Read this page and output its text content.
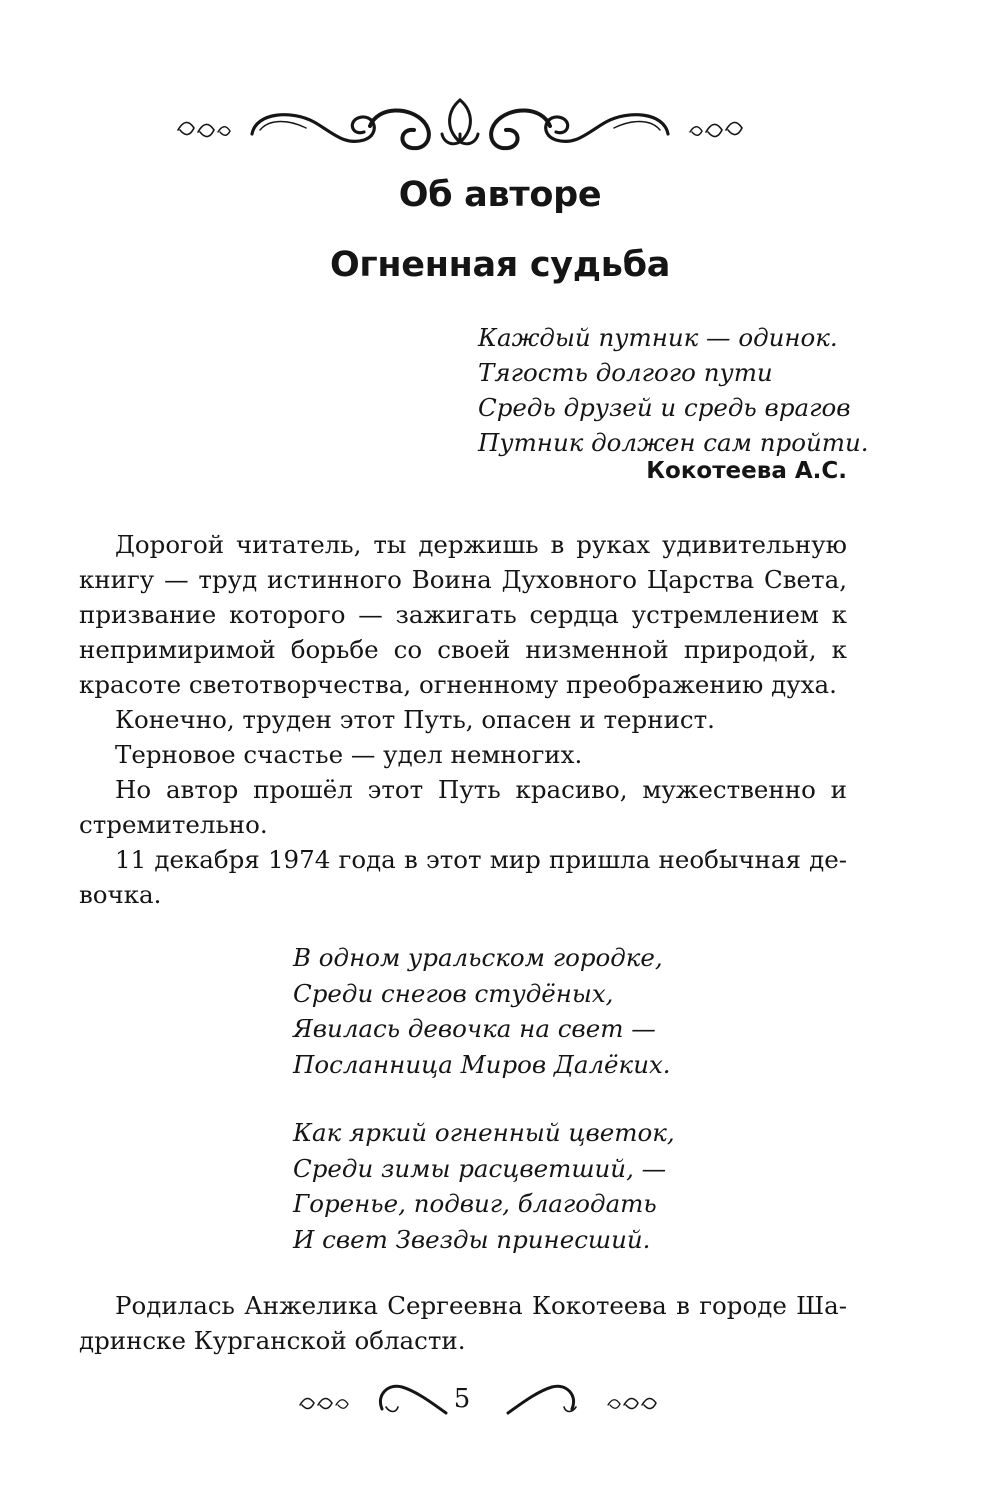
Об авторе
Огненная судьба
Каждый путник — одинок.
Тягость долгого пути
Средь друзей и средь врагов
Путник должен сам пройти.
Кокотеева А.С.

Дорогой читатель, ты держишь в руках удивительную книгу — труд истинного Воина Духовного Царства Света, призвание которого — зажигать сердца устремлением к непримиримой борьбе со своей низменной природой, к красоте светотворчества, огненному преображению духа.

Конечно, труден этот Путь, опасен и тернист.

Терновое счастье — удел немногих.

Но автор прошёл этот Путь красиво, мужественно и стремительно.

11 декабря 1974 года в этот мир пришла необычная девочка.

В одном уральском городке,
Среди снегов студёных,
Явилась девочка на свет —
Посланница Миров Далёких.
Как яркий огненный цветок,
Среди зимы расцветший, —
Горенье, подвиг, благодать
И свет Звезды принесший.

Родилась Анжелика Сергеевна Кокотеева в городе Шадринске Курганской области.

5
